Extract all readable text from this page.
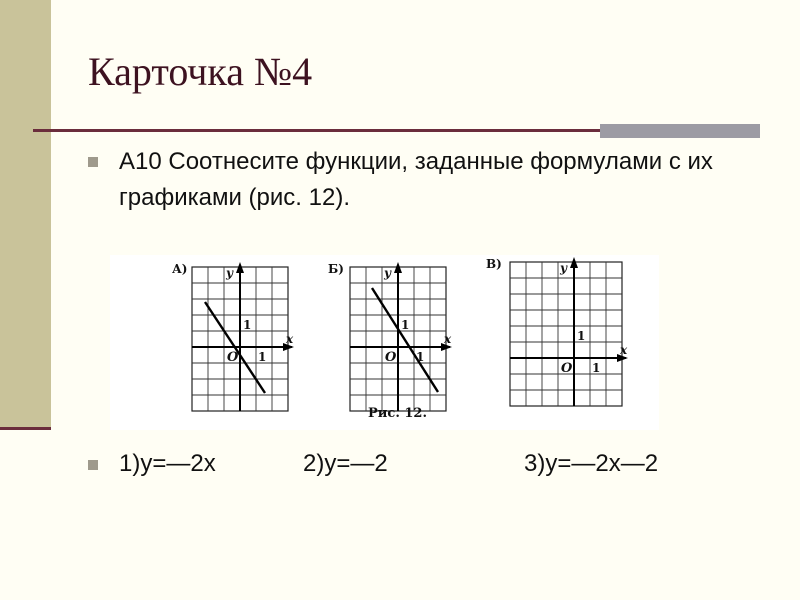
Карточка №4

А10 Соотнесите функции, заданные формулами с их графиками (рис. 12).

А)	y
x
O
1
1
Б)	y
x
O
1
1
В)	y
x
O
1
1
Рис. 12.
1)y=—2x	2)y=—2	3)y=—2x—2
